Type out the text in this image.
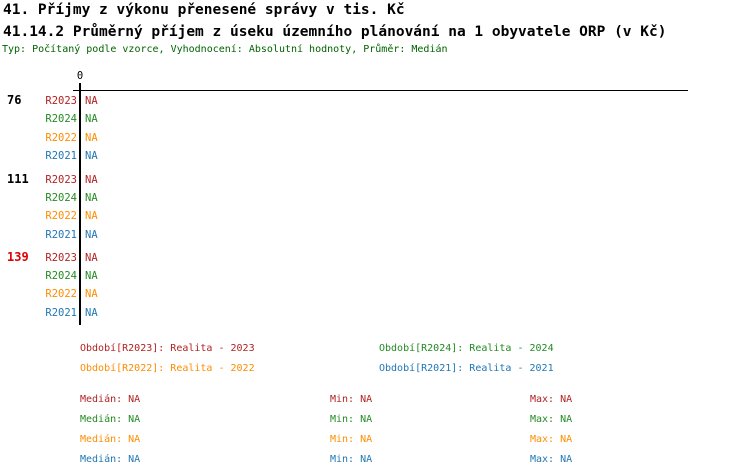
41. Příjmy z výkonu přenesené správy v tis. Kč
41.14.2 Průměrný příjem z úseku územního plánování na 1 obyvatele ORP (v Kč)
Typ: Počítaný podle vzorce, Vyhodnocení: Absolutní hodnoty, Průměr: Medián
0
76	R2023 NA
R2024 NA
R2022 NA
R2021 NA
111	R2023 NA
R2024 NA
R2022 NA
R2021 NA
139	R2023 NA
R2024 NA
R2022 NA
R2021 NA
Období[R2023]: Realita - 2023	Období[R2024]: Realita - 2024
Období[R2022]: Realita - 2022	Období[R2021]: Realita - 2021
Medián: NA	Min: NA	Max: NA
Medián: NA	Min: NA	Max: NA
Medián: NA	Min: NA	Max: NA
Medián: NA	Min: NA	Max: NA
